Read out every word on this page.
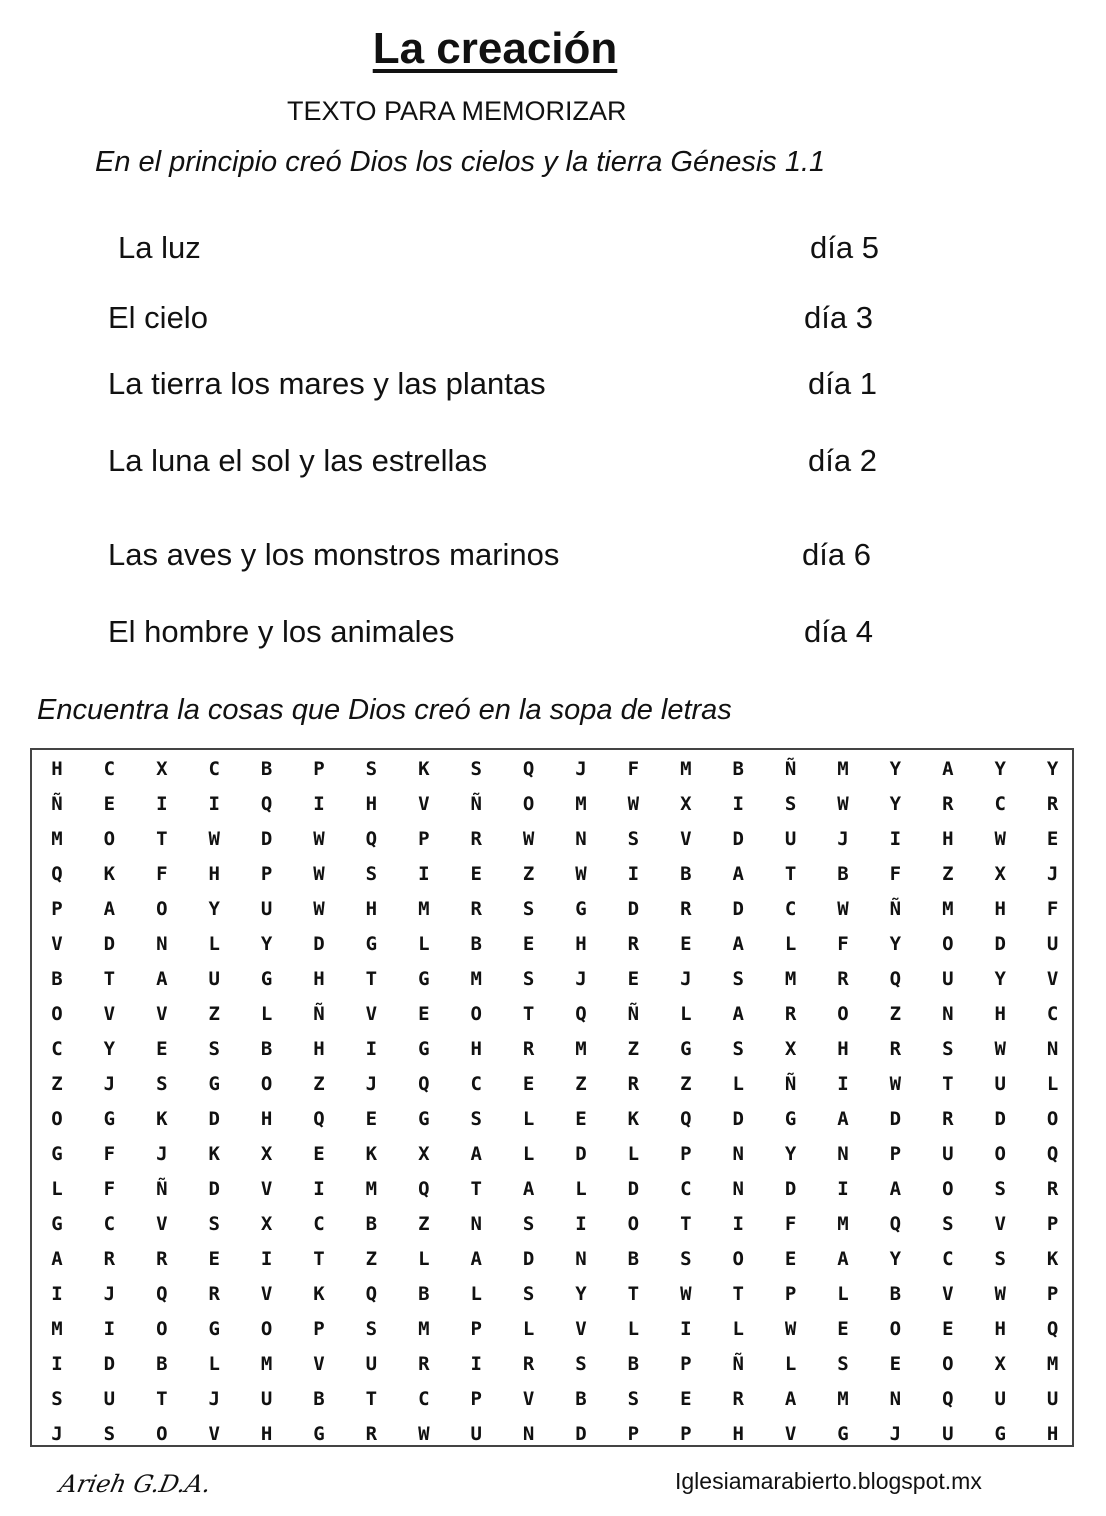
La creación
TEXTO PARA MEMORIZAR
En el principio creó Dios los cielos y la tierra Génesis 1.1
La luz	día 5
El cielo	día 3
La tierra los mares y las plantas	día 1
La luna el sol y las estrellas	día 2
Las aves y los monstros marinos	día 6
El hombre y los animales	día 4
Encuentra la cosas que Dios creó en la sopa de letras
H	C	X	C	B	P	S	K	S	Q	J	F	M	B	Ñ	M	Y	A	Y	Y
Ñ	E	I	I	Q	I	H	V	Ñ	O	M	W	X	I	S	W	Y	R	C	R
M	O	T	W	D	W	Q	P	R	W	N	S	V	D	U	J	I	H	W	E
Q	K	F	H	P	W	S	I	E	Z	W	I	B	A	T	B	F	Z	X	J
P	A	O	Y	U	W	H	M	R	S	G	D	R	D	C	W	Ñ	M	H	F
V	D	N	L	Y	D	G	L	B	E	H	R	E	A	L	F	Y	O	D	U
B	T	A	U	G	H	T	G	M	S	J	E	J	S	M	R	Q	U	Y	V
O	V	V	Z	L	Ñ	V	E	O	T	Q	Ñ	L	A	R	O	Z	N	H	C
C	Y	E	S	B	H	I	G	H	R	M	Z	G	S	X	H	R	S	W	N
Z	J	S	G	O	Z	J	Q	C	E	Z	R	Z	L	Ñ	I	W	T	U	L
O	G	K	D	H	Q	E	G	S	L	E	K	Q	D	G	A	D	R	D	O
G	F	J	K	X	E	K	X	A	L	D	L	P	N	Y	N	P	U	O	Q
L	F	Ñ	D	V	I	M	Q	T	A	L	D	C	N	D	I	A	O	S	R
G	C	V	S	X	C	B	Z	N	S	I	O	T	I	F	M	Q	S	V	P
A	R	R	E	I	T	Z	L	A	D	N	B	S	O	E	A	Y	C	S	K
I	J	Q	R	V	K	Q	B	L	S	Y	T	W	T	P	L	B	V	W	P
M	I	O	G	O	P	S	M	P	L	V	L	I	L	W	E	O	E	H	Q
I	D	B	L	M	V	U	R	I	R	S	B	P	Ñ	L	S	E	O	X	M
S	U	T	J	U	B	T	C	P	V	B	S	E	R	A	M	N	Q	U	U
J	S	O	V	H	G	R	W	U	N	D	P	P	H	V	G	J	U	G	H
Arieh G.D.A.	Iglesiamarabierto.blogspot.mx
